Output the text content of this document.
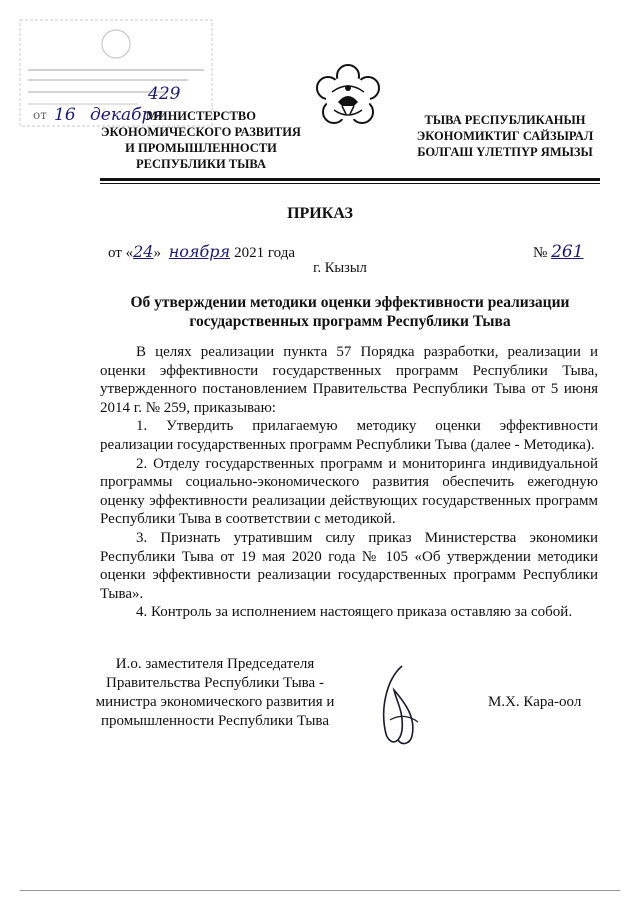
429
от 16 декабря
МИНИСТЕРСТВО
ЭКОНОМИЧЕСКОГО РАЗВИТИЯ
И ПРОМЫШЛЕННОСТИ
РЕСПУБЛИКИ ТЫВА
ТЫВА РЕСПУБЛИКАНЫН
ЭКОНОМИКТИГ САЙЗЫРАЛ
БОЛГАШ ҮЛЕТПҮР ЯМЫЗЫ
ПРИКАЗ
от «24» ноября 2021 года	№ 261
г. Кызыл
Об утверждении методики оценки эффективности реализации государственных программ Республики Тыва

В целях реализации пункта 57 Порядка разработки, реализации и оценки эффективности государственных программ Республики Тыва, утвержденного постановлением Правительства Республики Тыва от 5 июня 2014 г. № 259, приказываю:

1. Утвердить прилагаемую методику оценки эффективности реализации государственных программ Республики Тыва (далее - Методика).

2. Отделу государственных программ и мониторинга индивидуальной программы социально-экономического развития обеспечить ежегодную оценку эффективности реализации действующих государственных программ Республики Тыва в соответствии с методикой.

3. Признать утратившим силу приказ Министерства экономики Республики Тыва от 19 мая 2020 года № 105 «Об утверждении методики оценки эффективности реализации государственных программ Республики Тыва».

4. Контроль за исполнением настоящего приказа оставляю за собой.

И.о. заместителя Председателя
Правительства Республики Тыва -
министра экономического развития и
промышленности Республики Тыва
М.Х. Кара-оол
